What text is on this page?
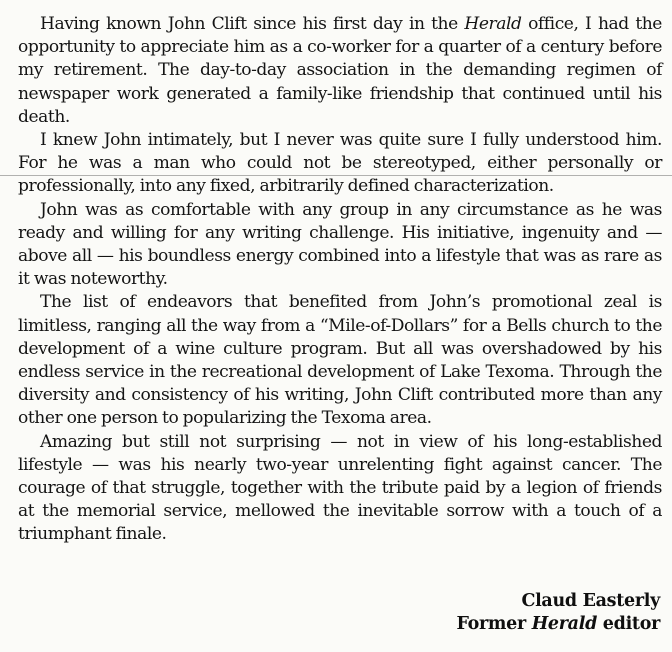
Having known John Clift since his first day in the Herald office, I had the opportunity to appreciate him as a co-worker for a quarter of a century before my retirement. The day-to-day association in the demanding regimen of newspaper work generated a family-like friendship that continued until his death.

I knew John intimately, but I never was quite sure I fully understood him. For he was a man who could not be stereotyped, either personally or professionally, into any fixed, arbitrarily defined characterization.

John was as comfortable with any group in any circumstance as he was ready and willing for any writing challenge. His initiative, ingenuity and — above all — his boundless energy combined into a lifestyle that was as rare as it was noteworthy.

The list of endeavors that benefited from John’s promotional zeal is limitless, ranging all the way from a “Mile-of-Dollars” for a Bells church to the development of a wine culture program. But all was overshadowed by his endless service in the recreational development of Lake Texoma. Through the diversity and consistency of his writing, John Clift contributed more than any other one person to popularizing the Texoma area.

Amazing but still not surprising — not in view of his long-established lifestyle — was his nearly two-year unrelenting fight against cancer. The courage of that struggle, together with the tribute paid by a legion of friends at the memorial service, mellowed the inevitable sorrow with a touch of a triumphant finale.

Claud Easterly
Former Herald editor
